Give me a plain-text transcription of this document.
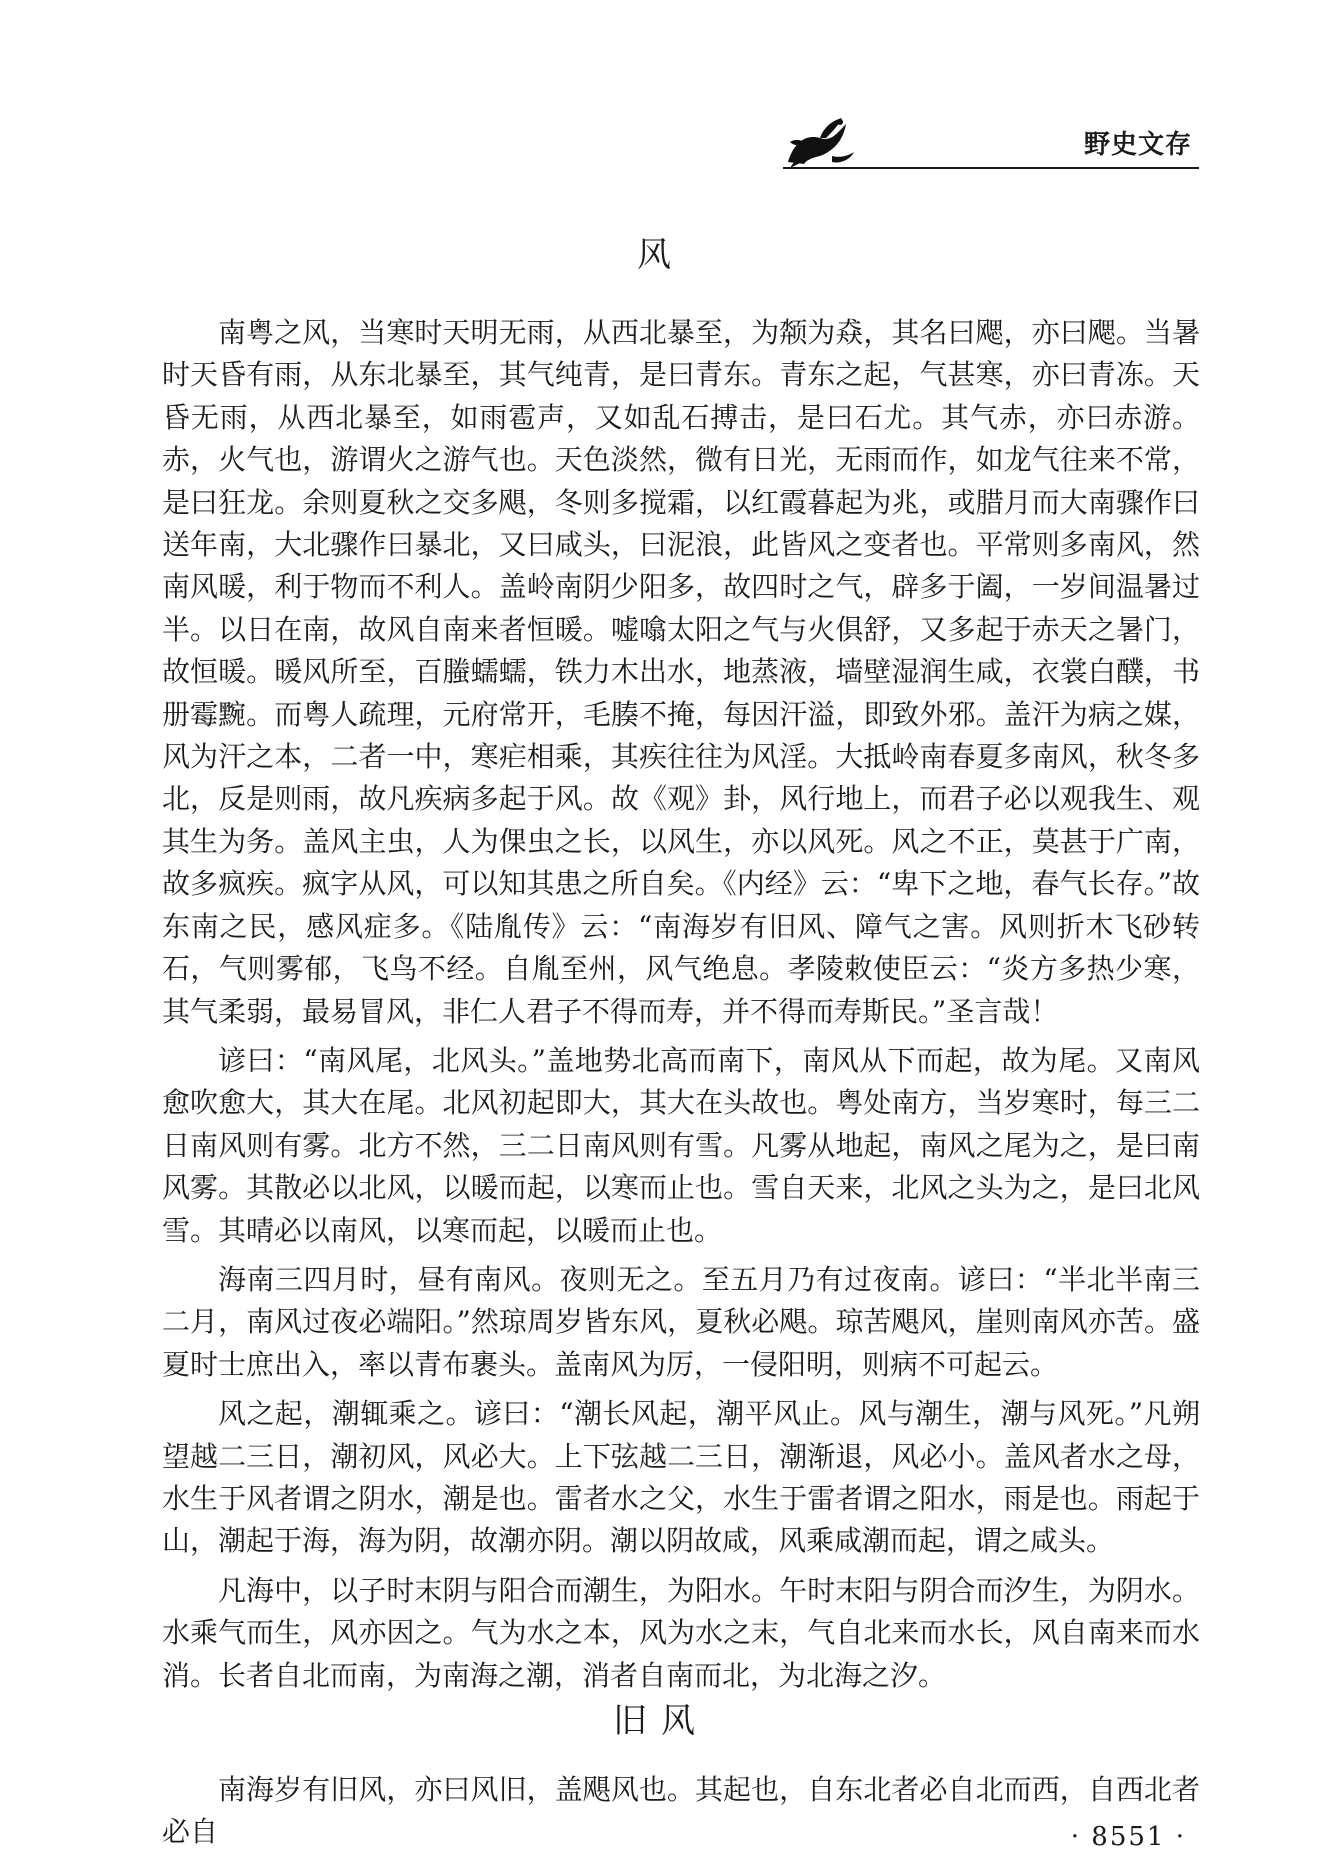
野史文存
风

南粤之风，当寒时天明无雨，从西北暴至，为颒为猋，其名曰飔，亦曰飔。当暑时天昏有雨，从东北暴至，其气纯青，是曰青东。青东之起，气甚寒，亦曰青冻。天昏无雨，从西北暴至，如雨雹声，又如乱石搏击，是曰石尤。其气赤，亦曰赤游。赤，火气也，游谓火之游气也。天色淡然，微有日光，无雨而作，如龙气往来不常，是曰狂龙。余则夏秋之交多飓，冬则多搅霜，以红霞暮起为兆，或腊月而大南骤作曰送年南，大北骤作曰暴北，又曰咸头，曰泥浪，此皆风之变者也。平常则多南风，然南风暖，利于物而不利人。盖岭南阴少阳多，故四时之气，辟多于阖，一岁间温暑过半。以日在南，故风自南来者恒暖。嘘噏太阳之气与火俱舒，又多起于赤天之暑门，故恒暖。暖风所至，百螣蠕蠕，铁力木出水，地蒸液，墙壁湿润生咸，衣裳白醭，书册霉黦。而粤人疏理，元府常开，毛腠不掩，每因汗溢，即致外邪。盖汗为病之媒，风为汗之本，二者一中，寒疟相乘，其疾往往为风淫。大抵岭南春夏多南风，秋冬多北，反是则雨，故凡疾病多起于风。故《观》卦，风行地上，而君子必以观我生、观其生为务。盖风主虫，人为倮虫之长，以风生，亦以风死。风之不正，莫甚于广南，故多疯疾。疯字从风，可以知其患之所自矣。《内经》云：“卑下之地，春气长存。”故东南之民，感风症多。《陆胤传》云：“南海岁有旧风、障气之害。风则折木飞砂转石，气则雾郁，飞鸟不经。自胤至州，风气绝息。孝陵敕使臣云：“炎方多热少寒，其气柔弱，最易冒风，非仁人君子不得而寿，并不得而寿斯民。”圣言哉！

谚曰：“南风尾，北风头。”盖地势北高而南下，南风从下而起，故为尾。又南风愈吹愈大，其大在尾。北风初起即大，其大在头故也。粤处南方，当岁寒时，每三二日南风则有雾。北方不然，三二日南风则有雪。凡雾从地起，南风之尾为之，是曰南风雾。其散必以北风，以暖而起，以寒而止也。雪自天来，北风之头为之，是曰北风雪。其晴必以南风，以寒而起，以暖而止也。

海南三四月时，昼有南风。夜则无之。至五月乃有过夜南。谚曰：“半北半南三二月，南风过夜必端阳。”然琼周岁皆东风，夏秋必飓。琼苦飓风，崖则南风亦苦。盛夏时士庶出入，率以青布裹头。盖南风为厉，一侵阳明，则病不可起云。

风之起，潮辄乘之。谚曰：“潮长风起，潮平风止。风与潮生，潮与风死。”凡朔望越二三日，潮初风，风必大。上下弦越二三日，潮渐退，风必小。盖风者水之母，水生于风者谓之阴水，潮是也。雷者水之父，水生于雷者谓之阳水，雨是也。雨起于山，潮起于海，海为阴，故潮亦阴。潮以阴故咸，风乘咸潮而起，谓之咸头。

凡海中，以子时末阴与阳合而潮生，为阳水。午时末阳与阴合而汐生，为阴水。水乘气而生，风亦因之。气为水之本，风为水之末，气自北来而水长，风自南来而水消。长者自北而南，为南海之潮，消者自南而北，为北海之汐。

旧风

南海岁有旧风，亦曰风旧，盖飓风也。其起也，自东北者必自北而西，自西北者必自	· 8551 ·
